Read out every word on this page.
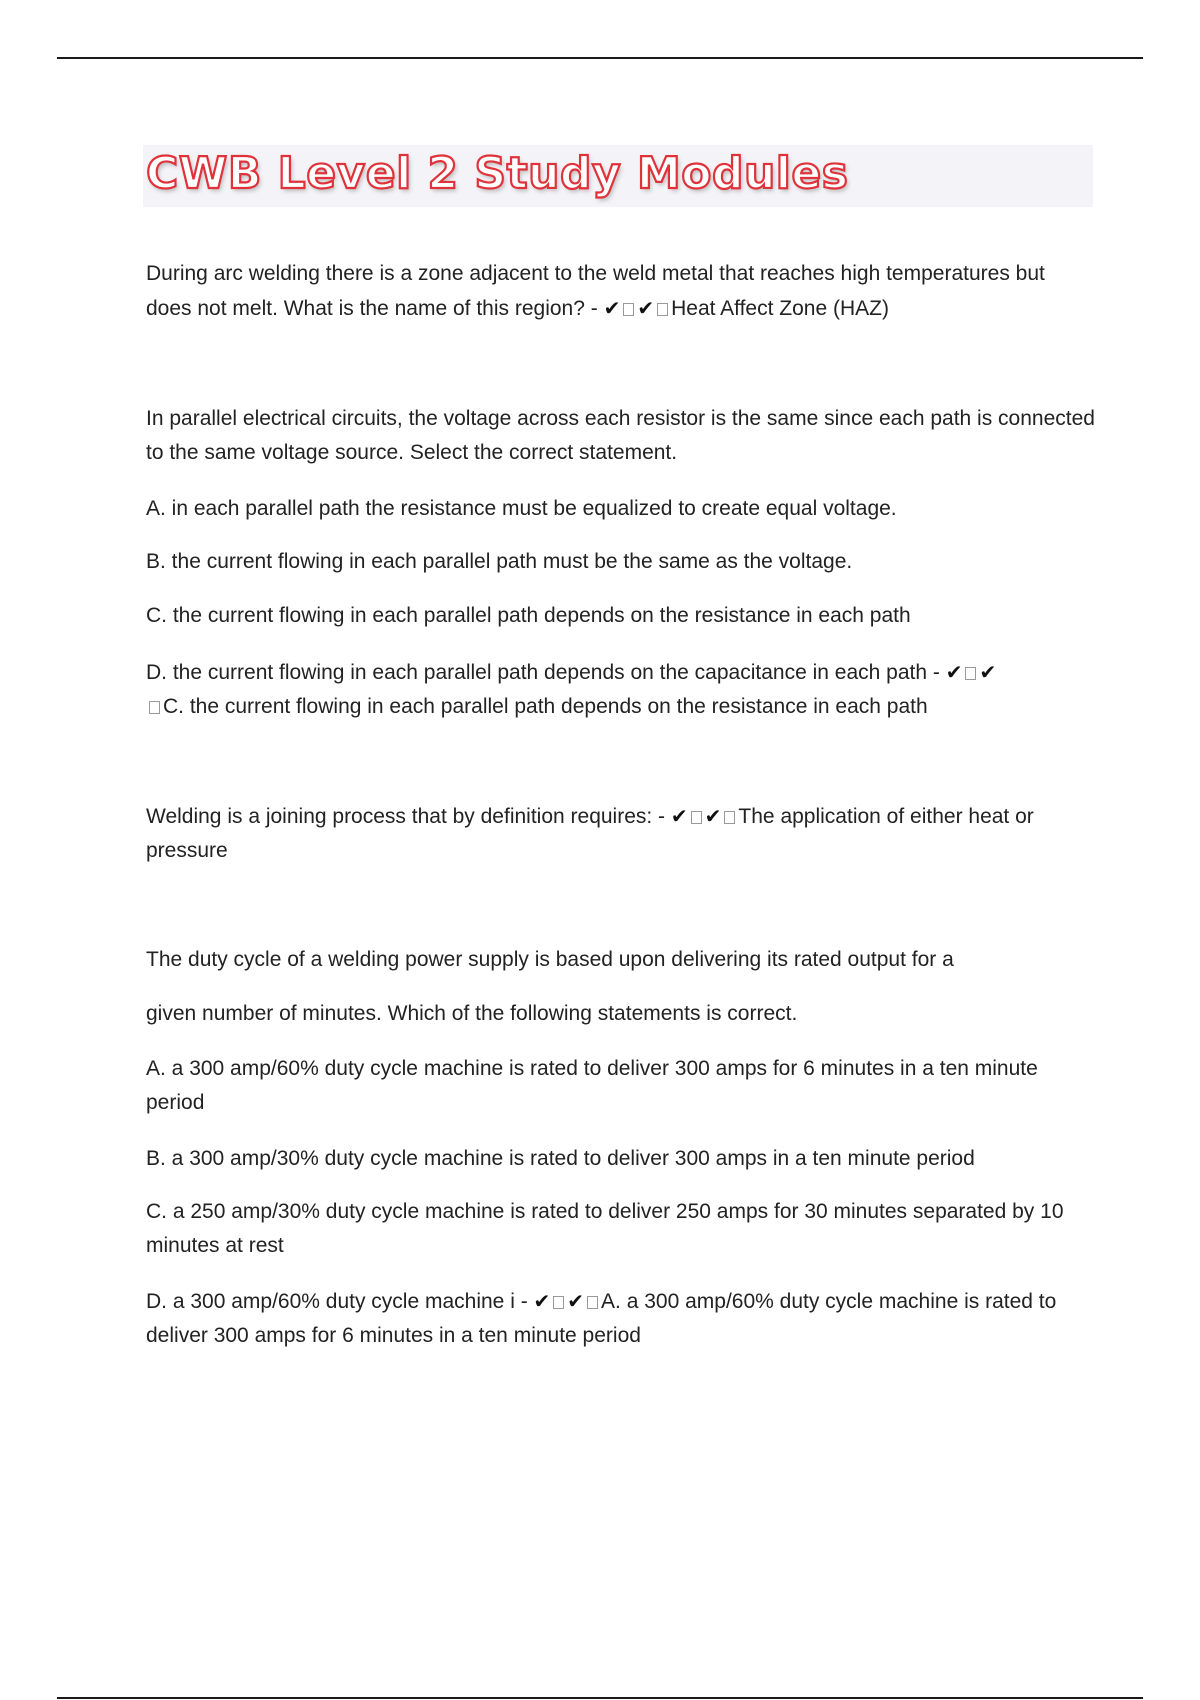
CWB Level 2 Study Modules

During arc welding there is a zone adjacent to the weld metal that reaches high temperatures but does not melt. What is the name of this region? - ✔ ✔ Heat Affect Zone (HAZ)

In parallel electrical circuits, the voltage across each resistor is the same since each path is connected to the same voltage source. Select the correct statement.

A. in each parallel path the resistance must be equalized to create equal voltage.

B. the current flowing in each parallel path must be the same as the voltage.

C. the current flowing in each parallel path depends on the resistance in each path

D. the current flowing in each parallel path depends on the capacitance in each path - ✔ ✔
C. the current flowing in each parallel path depends on the resistance in each path

Welding is a joining process that by definition requires: - ✔ ✔ The application of either heat or pressure

The duty cycle of a welding power supply is based upon delivering its rated output for a

given number of minutes. Which of the following statements is correct.

A. a 300 amp/60% duty cycle machine is rated to deliver 300 amps for 6 minutes in a ten minute period

B. a 300 amp/30% duty cycle machine is rated to deliver 300 amps in a ten minute period

C. a 250 amp/30% duty cycle machine is rated to deliver 250 amps for 30 minutes separated by 10 minutes at rest

D. a 300 amp/60% duty cycle machine i - ✔ ✔ A. a 300 amp/60% duty cycle machine is rated to deliver 300 amps for 6 minutes in a ten minute period
